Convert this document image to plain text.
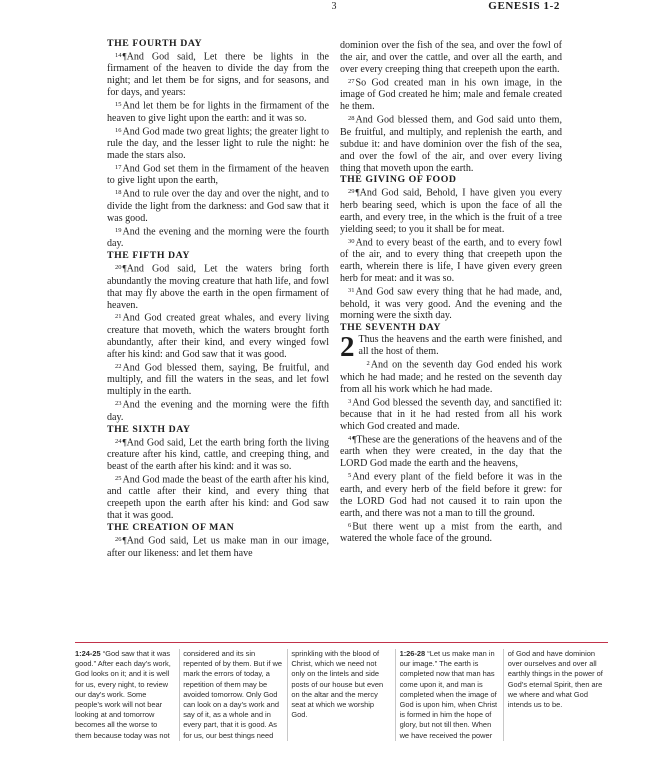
3	GENESIS 1-2

THE FOURTH DAY

$^{14}$¶And God said, Let there be lights in the firmament of the heaven to divide the day from the night; and let them be for signs, and for seasons, and for days, and years:

$^{15}$And let them be for lights in the firmament of the heaven to give light upon the earth: and it was so.

$^{16}$And God made two great lights; the greater light to rule the day, and the lesser light to rule the night: he made the stars also.

$^{17}$And God set them in the firmament of the heaven to give light upon the earth,

$^{18}$And to rule over the day and over the night, and to divide the light from the darkness: and God saw that it was good.

$^{19}$And the evening and the morning were the fourth day.

THE FIFTH DAY

$^{20}$¶And God said, Let the waters bring forth abundantly the moving creature that hath life, and fowl that may fly above the earth in the open firmament of heaven.

$^{21}$And God created great whales, and every living creature that moveth, which the waters brought forth abundantly, after their kind, and every winged fowl after his kind: and God saw that it was good.

$^{22}$And God blessed them, saying, Be fruitful, and multiply, and fill the waters in the seas, and let fowl multiply in the earth.

$^{23}$And the evening and the morning were the fifth day.

THE SIXTH DAY

$^{24}$¶And God said, Let the earth bring forth the living creature after his kind, cattle, and creeping thing, and beast of the earth after his kind: and it was so.

$^{25}$And God made the beast of the earth after his kind, and cattle after their kind, and every thing that creepeth upon the earth after his kind: and God saw that it was good.

THE CREATION OF MAN

$^{26}$¶And God said, Let us make man in our image, after our likeness: and let them have

dominion over the fish of the sea, and over the fowl of the air, and over the cattle, and over all the earth, and over every creeping thing that creepeth upon the earth.

$^{27}$So God created man in his own image, in the image of God created he him; male and female created he them.

$^{28}$And God blessed them, and God said unto them, Be fruitful, and multiply, and replenish the earth, and subdue it: and have dominion over the fish of the sea, and over the fowl of the air, and over every living thing that moveth upon the earth.

THE GIVING OF FOOD

$^{29}$¶And God said, Behold, I have given you every herb bearing seed, which is upon the face of all the earth, and every tree, in the which is the fruit of a tree yielding seed; to you it shall be for meat.

$^{30}$And to every beast of the earth, and to every fowl of the air, and to every thing that creepeth upon the earth, wherein there is life, I have given every green herb for meat: and it was so.

$^{31}$And God saw every thing that he had made, and, behold, it was very good. And the evening and the morning were the sixth day.

THE SEVENTH DAY

2 Thus the heavens and the earth were finished, and all the host of them.

$^2$And on the seventh day God ended his work which he had made; and he rested on the seventh day from all his work which he had made.

$^3$And God blessed the seventh day, and sanctified it: because that in it he had rested from all his work which God created and made.

$^4$¶These are the generations of the heavens and of the earth when they were created, in the day that the LORD God made the earth and the heavens,

$^5$And every plant of the field before it was in the earth, and every herb of the field before it grew: for the LORD God had not caused it to rain upon the earth, and there was not a man to till the ground.

$^6$But there went up a mist from the earth, and watered the whole face of the ground.

1:24-25 “God saw that it was good.” After each day’s work, God looks on it; and it is well for us, every night, to review our day’s work. Some people’s work will not bear looking at and tomorrow becomes all the worse to them because today was not considered and its sin repented of by them. But if we mark the errors of today, a repetition of them may be avoided tomorrow. Only God can look on a day’s work and say of it, as a whole and in every part, that it is good. As for us, our best things need sprinkling with the blood of Christ, which we need not only on the lintels and side posts of our house but even on the altar and the mercy seat at which we worship God.

1:26-28 “Let us make man in our image.” The earth is completed now that man has come upon it, and man is completed when the image of God is upon him, when Christ is formed in him the hope of glory, but not till then. When we have received the power of God and have dominion over ourselves and over all earthly things in the power of God’s eternal Spirit, then are we where and what God intends us to be.
